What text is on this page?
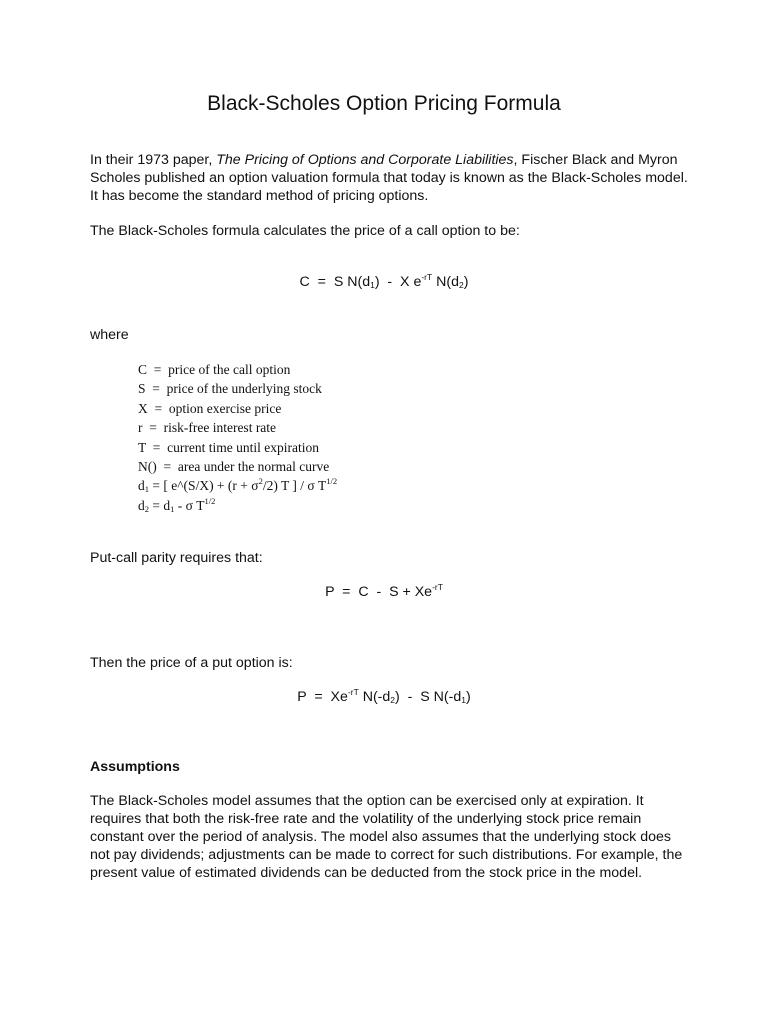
Black-Scholes Option Pricing Formula

In their 1973 paper, The Pricing of Options and Corporate Liabilities, Fischer Black and Myron Scholes published an option valuation formula that today is known as the Black-Scholes model. It has become the standard method of pricing options.

The Black-Scholes formula calculates the price of a call option to be:

C  =  S $N(d_1)$  -  X $e^{-rT}$ $N(d_2)$

where

C  =  price of the call option
S  =  price of the underlying stock
X  =  option exercise price
r  =  risk-free interest rate
T  =  current time until expiration
N()  =  area under the normal curve
$d_1$ = [ e^(S/X) + $(r + \sigma^2/2)$ T ] / σ $T^{1/2}$
$d_2 = d_1 - \sigma$ $T^{1/2}$

Put-call parity requires that:

$P = C - S + Xe^{-rT}$

Then the price of a put option is:

$P = Xe^{-rT}$ $N(-d_2)$  -  S $N(-d_1)$

Assumptions

The Black-Scholes model assumes that the option can be exercised only at expiration. It requires that both the risk-free rate and the volatility of the underlying stock price remain constant over the period of analysis. The model also assumes that the underlying stock does not pay dividends; adjustments can be made to correct for such distributions. For example, the present value of estimated dividends can be deducted from the stock price in the model.
